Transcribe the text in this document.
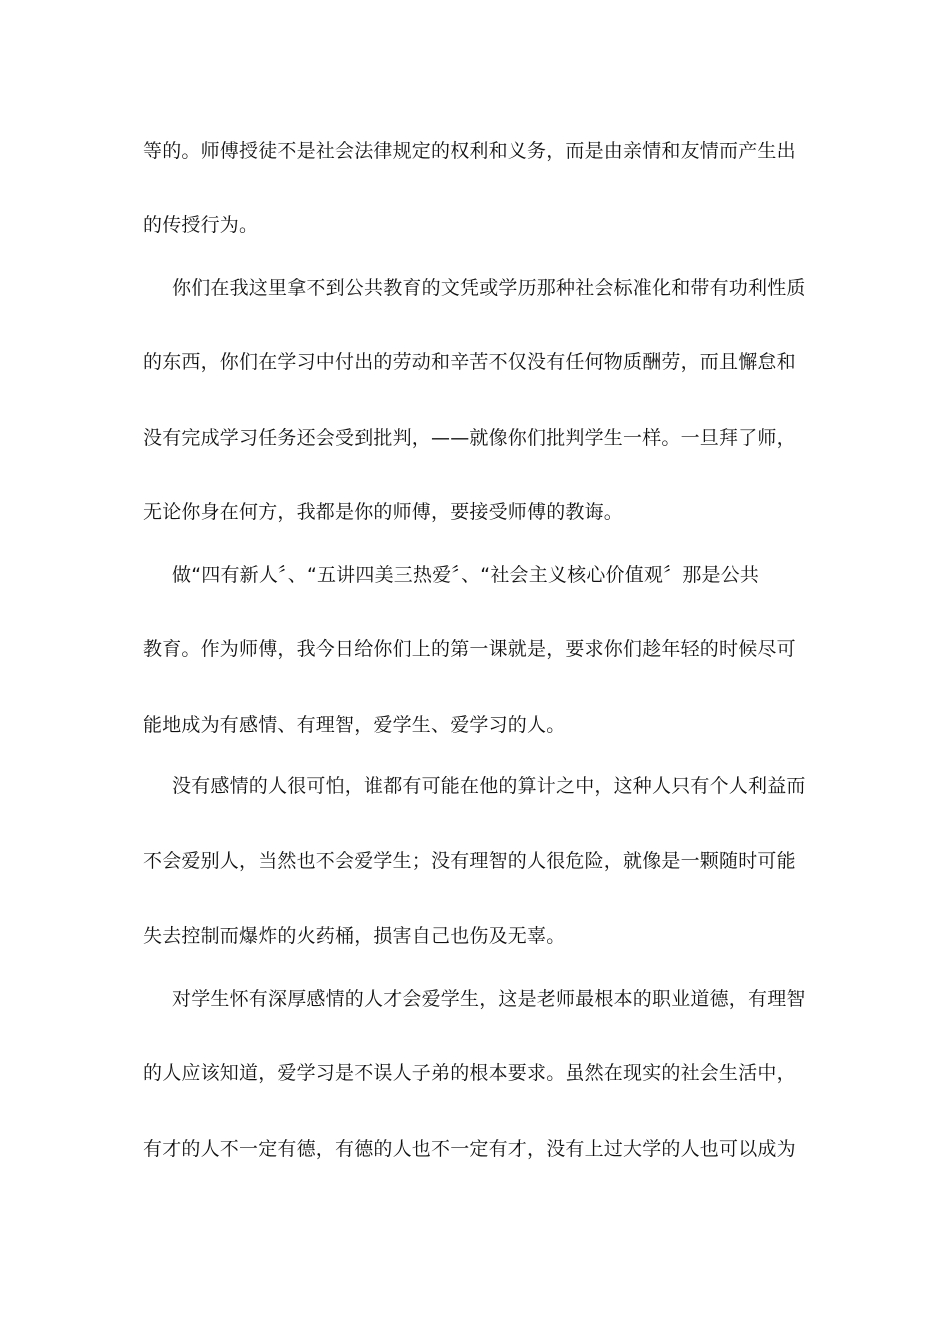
等的。师傅授徒不是社会法律规定的权利和义务，而是由亲情和友情而产生出
的传授行为。
你们在我这里拿不到公共教育的文凭或学历那种社会标准化和带有功利性质
的东西，你们在学习中付出的劳动和辛苦不仅没有任何物质酬劳，而且懈怠和
没有完成学习任务还会受到批判，——就像你们批判学生一样。一旦拜了师，
无论你身在何方，我都是你的师傅，要接受师傅的教诲。
做“四有新人〞、“五讲四美三热爱〞、“社会主义核心价值观〞那是公共
教育。作为师傅，我今日给你们上的第一课就是，要求你们趁年轻的时候尽可
能地成为有感情、有理智，爱学生、爱学习的人。
没有感情的人很可怕，谁都有可能在他的算计之中，这种人只有个人利益而
不会爱别人，当然也不会爱学生；没有理智的人很危险，就像是一颗随时可能
失去控制而爆炸的火药桶，损害自己也伤及无辜。
对学生怀有深厚感情的人才会爱学生，这是老师最根本的职业道德，有理智
的人应该知道，爱学习是不误人子弟的根本要求。虽然在现实的社会生活中，
有才的人不一定有德，有德的人也不一定有才，没有上过大学的人也可以成为
